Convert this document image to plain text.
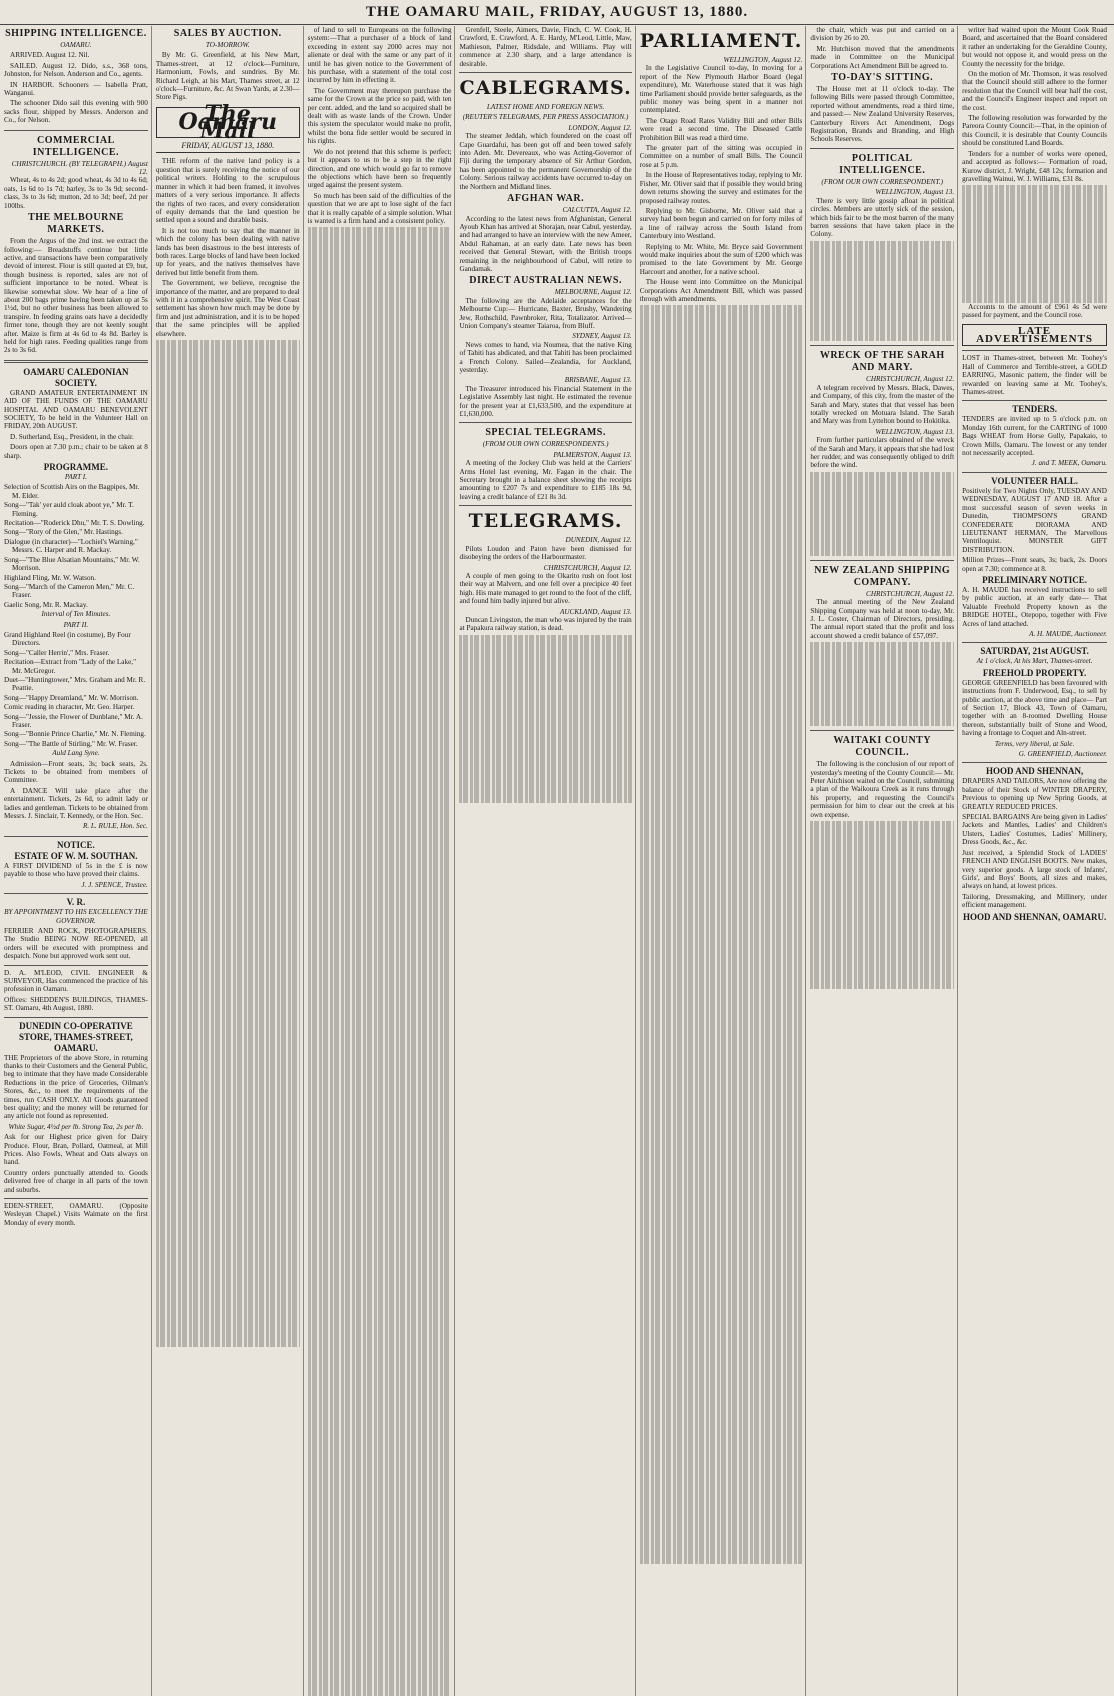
THE OAMARU MAIL, FRIDAY, AUGUST 13, 1880.
SHIPPING INTELLIGENCE.
OAMARU.

ARRIVED. August 12. Nil.

SAILED. August 12. Dido, s.s., 368 tons, Johnston, for Nelson. Anderson and Co., agents.

IN HARBOR. Schooners — Isabella Pratt, Wanganui.

The schooner Dido sail this evening with 900 sacks flour, shipped by Messrs. Anderson and Co., for Nelson.

COMMERCIAL INTELLIGENCE.
CHRISTCHURCH. (BY TELEGRAPH.) August 12.

Wheat, 4s to 4s 2d; good wheat, 4s 3d to 4s 6d; oats, 1s 6d to 1s 7d; barley, 3s to 3s 9d; second-class, 3s to 3s 6d; mutton, 2d to 3d; beef, 2d per 100lbs.

THE MELBOURNE MARKETS.

From the Argus of the 2nd inst. we extract the following:— Breadstuffs continue but little active, and transactions have been comparatively devoid of interest. Flour is still quoted at £9, but, though business is reported, sales are not of sufficient importance to be noted. Wheat is likewise somewhat slow. We hear of a line of about 200 bags prime having been taken up at 5s 1½d, but no other business has been allowed to transpire. In feeding grains oats have a decidedly firmer tone, though they are not keenly sought after. Maize is firm at 4s 6d to 4s 8d. Barley is held for high rates. Feeding qualities range from 2s to 3s 6d.

OAMARU CALEDONIAN SOCIETY.

GRAND AMATEUR ENTERTAINMENT IN AID OF THE FUNDS OF THE OAMARU HOSPITAL AND OAMARU BENEVOLENT SOCIETY, To be held in the Volunteer Hall on FRIDAY, 20th AUGUST.

D. Sutherland, Esq., President, in the chair.

Doors open at 7.30 p.m.; chair to be taken at 8 sharp.

PROGRAMME.
PART I.
Selection of Scottish Airs on the Bagpipes, Mr. M. Elder.
Song—"Tak' yer auld cloak aboot ye," Mr. T. Fleming.
Recitation—"Roderick Dhu," Mr. T. S. Dowling.
Song—"Rory of the Glen," Mr. Hastings.
Dialogue (in character)—"Lochiel's Warning," Messrs. C. Harper and R. Mackay.
Song—"The Blue Alsatian Mountains," Mr. W. Morrison.
Highland Fling, Mr. W. Watson.
Song—"March of the Cameron Men," Mr. C. Fraser.
Gaelic Song, Mr. R. Mackay.
Interval of Ten Minutes.
PART II.
Grand Highland Reel (in costume), By Four Directors.
Song—"Caller Herrin'," Mrs. Fraser.
Recitation—Extract from "Lady of the Lake," Mr. McGregor.
Duet—"Huntingtower," Mrs. Graham and Mr. R. Peattie.
Song—"Happy Dreamland," Mr. W. Morrison.
Comic reading in character, Mr. Geo. Harper.
Song—"Jessie, the Flower of Dunblane," Mr. A. Fraser.
Song—"Bonnie Prince Charlie," Mr. N. Fleming.
Song—"The Battle of Stirling," Mr. W. Fraser.
Auld Lang Syne.

Admission—Front seats, 3s; back seats, 2s. Tickets to be obtained from members of Committee.

A DANCE Will take place after the entertainment. Tickets, 2s 6d, to admit lady or ladies and gentleman. Tickets to be obtained from Messrs. J. Sinclair, T. Kennedy, or the Hon. Sec.

R. L. RULE, Hon. Sec.
NOTICE.
ESTATE OF W. M. SOUTHAN.

A FIRST DIVIDEND of 5s in the £ is now payable to those who have proved their claims.

J. J. SPENCE, Trustee.
V. R.
BY APPOINTMENT TO HIS EXCELLENCY THE GOVERNOR.

FERRIER AND ROCK, PHOTOGRAPHERS. The Studio BEING NOW RE-OPENED, all orders will be executed with promptness and despatch. None but approved work sent out.

D. A. M'LEOD, CIVIL ENGINEER & SURVEYOR, Has commenced the practice of his profession in Oamaru.

Offices: SHEDDEN'S BUILDINGS, THAMES-ST. Oamaru, 4th August, 1880.

DUNEDIN CO-OPERATIVE STORE, THAMES-STREET, OAMARU.

THE Proprietors of the above Store, in returning thanks to their Customers and the General Public, beg to intimate that they have made Considerable Reductions in the price of Groceries, Oilman's Stores, &c., to meet the requirements of the times, run CASH ONLY. All Goods guaranteed best quality; and the money will be returned for any article not found as represented.

White Sugar, 4½d per lb. Strong Tea, 2s per lb.

Ask for our Highest price given for Dairy Produce. Flour, Bran, Pollard, Oatmeal, at Mill Prices. Also Fowls, Wheat and Oats always on hand.

Country orders punctually attended to. Goods delivered free of charge in all parts of the town and suburbs.

EDEN-STREET, OAMARU. (Opposite Wesleyan Chapel.) Visits Waimate on the first Monday of every month.

SALES BY AUCTION.
TO-MORROW.

By Mr. G. Greenfield, at his New Mart, Thames-street, at 12 o'clock—Furniture, Harmonium, Fowls, and sundries. By Mr. Richard Leigh, at his Mart, Thames street, at 12 o'clock—Furniture, &c. At Swan Yards, at 2.30—Store Pigs.

The Oamaru Mail
FRIDAY, AUGUST 13, 1880.

THE reform of the native land policy is a question that is surely receiving the notice of our political writers. Holding to the scrupulous manner in which it had been framed, it involves matters of a very serious importance. It affects the rights of two races, and every consideration of equity demands that the land question be settled upon a sound and durable basis.

It is not too much to say that the manner in which the colony has been dealing with native lands has been disastrous to the best interests of both races. Large blocks of land have been locked up for years, and the natives themselves have derived but little benefit from them.

The Government, we believe, recognise the importance of the matter, and are prepared to deal with it in a comprehensive spirit. The West Coast settlement has shown how much may be done by firm and just administration, and it is to be hoped that the same principles will be applied elsewhere.

of land to sell to Europeans on the following system:—That a purchaser of a block of land exceeding in extent say 2000 acres may not alienate or deal with the same or any part of it until he has given notice to the Government of his purchase, with a statement of the total cost incurred by him in effecting it.

The Government may thereupon purchase the same for the Crown at the price so paid, with ten per cent. added, and the land so acquired shall be dealt with as waste lands of the Crown. Under this system the speculator would make no profit, whilst the bona fide settler would be secured in his rights.

We do not pretend that this scheme is perfect; but it appears to us to be a step in the right direction, and one which would go far to remove the objections which have been so frequently urged against the present system.

So much has been said of the difficulties of the question that we are apt to lose sight of the fact that it is really capable of a simple solution. What is wanted is a firm hand and a consistent policy.

Grenfell, Steele, Aimers, Davie, Finch, C. W. Cook, H. Crawford, E. Crawford, A. E. Hardy, M'Leod, Little, Maw, Mathieson, Palmer, Ridsdale, and Williams. Play will commence at 2.30 sharp, and a large attendance is desirable.

CABLEGRAMS.
LATEST HOME AND FOREIGN NEWS.
(REUTER'S TELEGRAMS, PER PRESS ASSOCIATION.)
LONDON, August 12.

The steamer Jeddah, which foundered on the coast off Cape Guardafui, has been got off and been towed safely into Aden. Mr. Devereaux, who was Acting-Governor of Fiji during the temporary absence of Sir Arthur Gordon, has been appointed to the permanent Governorship of the Colony. Serious railway accidents have occurred to-day on the Northern and Midland lines.

AFGHAN WAR.
CALCUTTA, August 12.

According to the latest news from Afghanistan, General Ayoub Khan has arrived at Shorajan, near Cabul, yesterday, and had arranged to have an interview with the new Ameer, Abdul Rahaman, at an early date. Late news has been received that General Stewart, with the British troops remaining in the neighbourhood of Cabul, will retire to Gandamak.

DIRECT AUSTRALIAN NEWS.
MELBOURNE, August 12.

The following are the Adelaide acceptances for the Melbourne Cup:— Hurricane, Baxter, Brushy, Wandering Jew, Rothschild, Pawnbroker, Rita, Totalizator. Arrived—Union Company's steamer Taiaroa, from Bluff.

SYDNEY, August 13.

News comes to hand, via Noumea, that the native King of Tahiti has abdicated, and that Tahiti has been proclaimed a French Colony. Sailed—Zealandia, for Auckland, yesterday.

BRISBANE, August 13.

The Treasurer introduced his Financial Statement in the Legislative Assembly last night. He estimated the revenue for the present year at £1,633,500, and the expenditure at £1,630,000.

SPECIAL TELEGRAMS.
(FROM OUR OWN CORRESPONDENTS.)
PALMERSTON, August 13.

A meeting of the Jockey Club was held at the Carriers' Arms Hotel last evening, Mr. Fagan in the chair. The Secretary brought in a balance sheet showing the receipts amounting to £207 7s and expenditure to £185 18s 9d, leaving a credit balance of £21 8s 3d.

TELEGRAMS.
DUNEDIN, August 12.

Pilots Loudon and Paton have been dismissed for disobeying the orders of the Harbourmaster.

CHRISTCHURCH, August 12.

A couple of men going to the Okarito rush on foot lost their way at Malvern, and one fell over a precipice 40 feet high. His mate managed to get round to the foot of the cliff, and found him badly injured but alive.

AUCKLAND, August 13.

Duncan Livingston, the man who was injured by the train at Papakura railway station, is dead.

PARLIAMENT.
WELLINGTON, August 12.

In the Legislative Council to-day, In moving for a report of the New Plymouth Harbor Board (legal expenditure), Mr. Waterhouse stated that it was high time Parliament should provide better safeguards, as the public money was being spent in a manner not contemplated.

The Otago Road Rates Validity Bill and other Bills were read a second time. The Diseased Cattle Prohibition Bill was read a third time.

The greater part of the sitting was occupied in Committee on a number of small Bills. The Council rose at 5 p.m.

In the House of Representatives today, replying to Mr. Fisher, Mr. Oliver said that if possible they would bring down returns showing the survey and estimates for the proposed railway routes.

Replying to Mr. Gisborne, Mr. Oliver said that a survey had been begun and carried on for forty miles of a line of railway across the South Island from Canterbury into Westland.

Replying to Mr. White, Mr. Bryce said Government would make inquiries about the sum of £200 which was promised to the late Government by Mr. George Harcourt and another, for a native school.

The House went into Committee on the Municipal Corporations Act Amendment Bill, which was passed through with amendments.

the chair, which was put and carried on a division by 26 to 20.

Mr. Hutchison moved that the amendments made in Committee on the Municipal Corporations Act Amendment Bill be agreed to.

TO-DAY'S SITTING.

The House met at 11 o'clock to-day. The following Bills were passed through Committee, reported without amendments, read a third time, and passed:— New Zealand University Reserves, Canterbury Rivers Act Amendment, Dogs Registration, Brands and Branding, and High Schools Reserves.

POLITICAL INTELLIGENCE.
(FROM OUR OWN CORRESPONDENT.)
WELLINGTON, August 13.

There is very little gossip afloat in political circles. Members are utterly sick of the session, which bids fair to be the most barren of the many barren sessions that have taken place in the Colony.

WRECK OF THE SARAH AND MARY.
CHRISTCHURCH, August 12.

A telegram received by Messrs. Black, Dawes, and Company, of this city, from the master of the Sarah and Mary, states that that vessel has been totally wrecked on Motuara Island. The Sarah and Mary was from Lyttelton bound to Hokitika.

WELLINGTON, August 13.

From further particulars obtained of the wreck of the Sarah and Mary, it appears that she had lost her rudder, and was consequently obliged to drift before the wind.

NEW ZEALAND SHIPPING COMPANY.
CHRISTCHURCH, August 12.

The annual meeting of the New Zealand Shipping Company was held at noon to-day, Mr. J. L. Coster, Chairman of Directors, presiding. The annual report stated that the profit and loss account showed a credit balance of £57,097.

WAITAKI COUNTY COUNCIL.

The following is the conclusion of our report of yesterday's meeting of the County Council:— Mr. Peter Aitchison waited on the Council, submitting a plan of the Waikoura Creek as it runs through his property, and requesting the Council's permission for him to clear out the creek at his own expense.

writer had waited upon the Mount Cook Road Board, and ascertained that the Board considered it rather an undertaking for the Geraldine County, but would not oppose it, and would press on the County the necessity for the bridge.

On the motion of Mr. Thomson, it was resolved that the Council should still adhere to the former resolution that the Council will bear half the cost, and the Council's Engineer inspect and report on the cost.

The following resolution was forwarded by the Pareora County Council:—That, in the opinion of this Council, it is desirable that County Councils should be constituted Land Boards.

Tenders for a number of works were opened, and accepted as follows:— Formation of road, Kurow district, J. Wright, £48 12s; formation and gravelling Wainui, W. J. Williams, £31 8s.

Accounts to the amount of £961 4s 5d were passed for payment, and the Council rose.

LATE ADVERTISEMENTS

LOST in Thames-street, between Mr. Toohey's Hall of Commerce and Terrible-street, a GOLD EARRING, Masonic pattern, the finder will be rewarded on leaving same at Mr. Toohey's, Thames-street.

TENDERS.

TENDERS are invited up to 5 o'clock p.m. on Monday 16th current, for the CARTING of 1000 Bags WHEAT from Horse Gully, Papakaio, to Crown Mills, Oamaru. The lowest or any tender not necessarily accepted.

J. and T. MEEK, Oamaru.
VOLUNTEER HALL.

Positively for Two Nights Only, TUESDAY AND WEDNESDAY, AUGUST 17 AND 18. After a most successful season of seven weeks in Dunedin, THOMPSON'S GRAND CONFEDERATE DIORAMA AND LIEUTENANT HERMAN, The Marvellous Ventriloquist. MONSTER GIFT DISTRIBUTION.

Million Prizes—Front seats, 3s; back, 2s. Doors open at 7.30; commence at 8.

PRELIMINARY NOTICE.

A. H. MAUDE has received instructions to sell by public auction, at an early date— That Valuable Freehold Property known as the BRIDGE HOTEL, Otepopo, together with Five Acres of land attached.

A. H. MAUDE, Auctioneer.
SATURDAY, 21st AUGUST.
At 1 o'clock, At his Mart, Thames-street.
FREEHOLD PROPERTY.

GEORGE GREENFIELD has been favoured with instructions from F. Underwood, Esq., to sell by public auction, at the above time and place— Part of Section 17, Block 43, Town of Oamaru, together with an 8-roomed Dwelling House thereon, substantially built of Stone and Wood, having a frontage to Coquet and Aln-street.

Terms, very liberal, at Sale.
G. GREENFIELD, Auctioneer.
HOOD AND SHENNAN,

DRAPERS AND TAILORS, Are now offering the balance of their Stock of WINTER DRAPERY, Previous to opening up New Spring Goods, at GREATLY REDUCED PRICES.

SPECIAL BARGAINS Are being given in Ladies' Jackets and Mantles, Ladies' and Children's Ulsters, Ladies' Costumes, Ladies' Millinery, Dress Goods, &c., &c.

Just received, a Splendid Stock of LADIES' FRENCH AND ENGLISH BOOTS. New makes, very superior goods. A large stock of Infants', Girls', and Boys' Boots, all sizes and makes, always on hand, at lowest prices.

Tailoring, Dressmaking, and Millinery, under efficient management.

HOOD AND SHENNAN, OAMARU.
